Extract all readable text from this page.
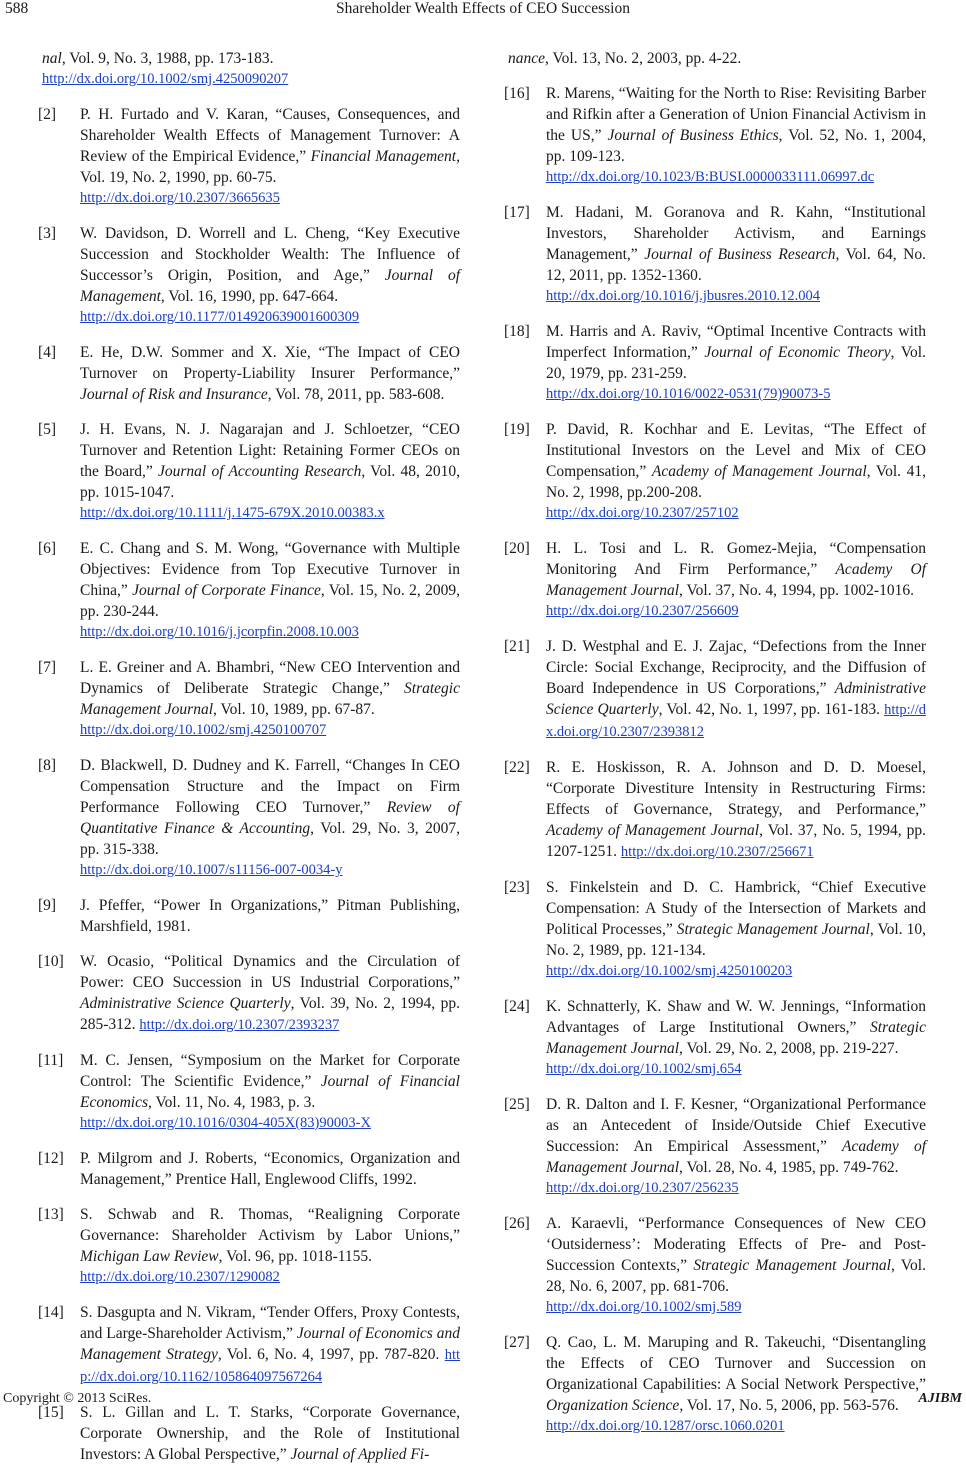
588	Shareholder Wealth Effects of CEO Succession
nal, Vol. 9, No. 3, 1988, pp. 173-183.
http://dx.doi.org/10.1002/smj.4250090207
[2] P. H. Furtado and V. Karan, “Causes, Consequences, and Shareholder Wealth Effects of Management Turnover: A Review of the Empirical Evidence,” Financial Management, Vol. 19, No. 2, 1990, pp. 60-75.
http://dx.doi.org/10.2307/3665635
[3] W. Davidson, D. Worrell and L. Cheng, “Key Executive Succession and Stockholder Wealth: The Influence of Successor’s Origin, Position, and Age,” Journal of Management, Vol. 16, 1990, pp. 647-664.
http://dx.doi.org/10.1177/014920639001600309
[4] E. He, D.W. Sommer and X. Xie, “The Impact of CEO Turnover on Property-Liability Insurer Performance,” Journal of Risk and Insurance, Vol. 78, 2011, pp. 583-608.
[5] J. H. Evans, N. J. Nagarajan and J. Schloetzer, “CEO Turnover and Retention Light: Retaining Former CEOs on the Board,” Journal of Accounting Research, Vol. 48, 2010, pp. 1015-1047.
http://dx.doi.org/10.1111/j.1475-679X.2010.00383.x
[6] E. C. Chang and S. M. Wong, “Governance with Multiple Objectives: Evidence from Top Executive Turnover in China,” Journal of Corporate Finance, Vol. 15, No. 2, 2009, pp. 230-244.
http://dx.doi.org/10.1016/j.jcorpfin.2008.10.003
[7] L. E. Greiner and A. Bhambri, “New CEO Intervention and Dynamics of Deliberate Strategic Change,” Strategic Management Journal, Vol. 10, 1989, pp. 67-87.
http://dx.doi.org/10.1002/smj.4250100707
[8] D. Blackwell, D. Dudney and K. Farrell, “Changes In CEO Compensation Structure and the Impact on Firm Performance Following CEO Turnover,” Review of Quantitative Finance & Accounting, Vol. 29, No. 3, 2007, pp. 315-338.
http://dx.doi.org/10.1007/s11156-007-0034-y
[9] J. Pfeffer, “Power In Organizations,” Pitman Publishing, Marshfield, 1981.
[10] W. Ocasio, “Political Dynamics and the Circulation of Power: CEO Succession in US Industrial Corporations,” Administrative Science Quarterly, Vol. 39, No. 2, 1994, pp. 285-312. http://dx.doi.org/10.2307/2393237
[11] M. C. Jensen, “Symposium on the Market for Corporate Control: The Scientific Evidence,” Journal of Financial Economics, Vol. 11, No. 4, 1983, p. 3.
http://dx.doi.org/10.1016/0304-405X(83)90003-X
[12] P. Milgrom and J. Roberts, “Economics, Organization and Management,” Prentice Hall, Englewood Cliffs, 1992.
[13] S. Schwab and R. Thomas, “Realigning Corporate Governance: Shareholder Activism by Labor Unions,” Michigan Law Review, Vol. 96, pp. 1018-1155.
http://dx.doi.org/10.2307/1290082
[14] S. Dasgupta and N. Vikram, “Tender Offers, Proxy Contests, and Large-Shareholder Activism,” Journal of Economics and Management Strategy, Vol. 6, No. 4, 1997, pp. 787-820. http://dx.doi.org/10.1162/105864097567264
[15] S. L. Gillan and L. T. Starks, “Corporate Governance, Corporate Ownership, and the Role of Institutional Investors: A Global Perspective,” Journal of Applied Fi-
nance, Vol. 13, No. 2, 2003, pp. 4-22.
[16] R. Marens, “Waiting for the North to Rise: Revisiting Barber and Rifkin after a Generation of Union Financial Activism in the US,” Journal of Business Ethics, Vol. 52, No. 1, 2004, pp. 109-123.
http://dx.doi.org/10.1023/B:BUSI.0000033111.06997.dc
[17] M. Hadani, M. Goranova and R. Kahn, “Institutional Investors, Shareholder Activism, and Earnings Management,” Journal of Business Research, Vol. 64, No. 12, 2011, pp. 1352-1360.
http://dx.doi.org/10.1016/j.jbusres.2010.12.004
[18] M. Harris and A. Raviv, “Optimal Incentive Contracts with Imperfect Information,” Journal of Economic Theory, Vol. 20, 1979, pp. 231-259.
http://dx.doi.org/10.1016/0022-0531(79)90073-5
[19] P. David, R. Kochhar and E. Levitas, “The Effect of Institutional Investors on the Level and Mix of CEO Compensation,” Academy of Management Journal, Vol. 41, No. 2, 1998, pp.200-208.
http://dx.doi.org/10.2307/257102
[20] H. L. Tosi and L. R. Gomez-Mejia, “Compensation Monitoring And Firm Performance,” Academy Of Management Journal, Vol. 37, No. 4, 1994, pp. 1002-1016.
http://dx.doi.org/10.2307/256609
[21] J. D. Westphal and E. J. Zajac, “Defections from the Inner Circle: Social Exchange, Reciprocity, and the Diffusion of Board Independence in US Corporations,” Administrative Science Quarterly, Vol. 42, No. 1, 1997, pp. 161-183. http://dx.doi.org/10.2307/2393812
[22] R. E. Hoskisson, R. A. Johnson and D. D. Moesel, “Corporate Divestiture Intensity in Restructuring Firms: Effects of Governance, Strategy, and Performance,” Academy of Management Journal, Vol. 37, No. 5, 1994, pp. 1207-1251. http://dx.doi.org/10.2307/256671
[23] S. Finkelstein and D. C. Hambrick, “Chief Executive Compensation: A Study of the Intersection of Markets and Political Processes,” Strategic Management Journal, Vol. 10, No. 2, 1989, pp. 121-134.
http://dx.doi.org/10.1002/smj.4250100203
[24] K. Schnatterly, K. Shaw and W. W. Jennings, “Information Advantages of Large Institutional Owners,” Strategic Management Journal, Vol. 29, No. 2, 2008, pp. 219-227.
http://dx.doi.org/10.1002/smj.654
[25] D. R. Dalton and I. F. Kesner, “Organizational Performance as an Antecedent of Inside/Outside Chief Executive Succession: An Empirical Assessment,” Academy of Management Journal, Vol. 28, No. 4, 1985, pp. 749-762.
http://dx.doi.org/10.2307/256235
[26] A. Karaevli, “Performance Consequences of New CEO ‘Outsiderness’: Moderating Effects of Pre- and Post-Succession Contexts,” Strategic Management Journal, Vol. 28, No. 6, 2007, pp. 681-706.
http://dx.doi.org/10.1002/smj.589
[27] Q. Cao, L. M. Maruping and R. Takeuchi, “Disentangling the Effects of CEO Turnover and Succession on Organizational Capabilities: A Social Network Perspective,” Organization Science, Vol. 17, No. 5, 2006, pp. 563-576.
http://dx.doi.org/10.1287/orsc.1060.0201
Copyright © 2013 SciRes.	AJIBM
